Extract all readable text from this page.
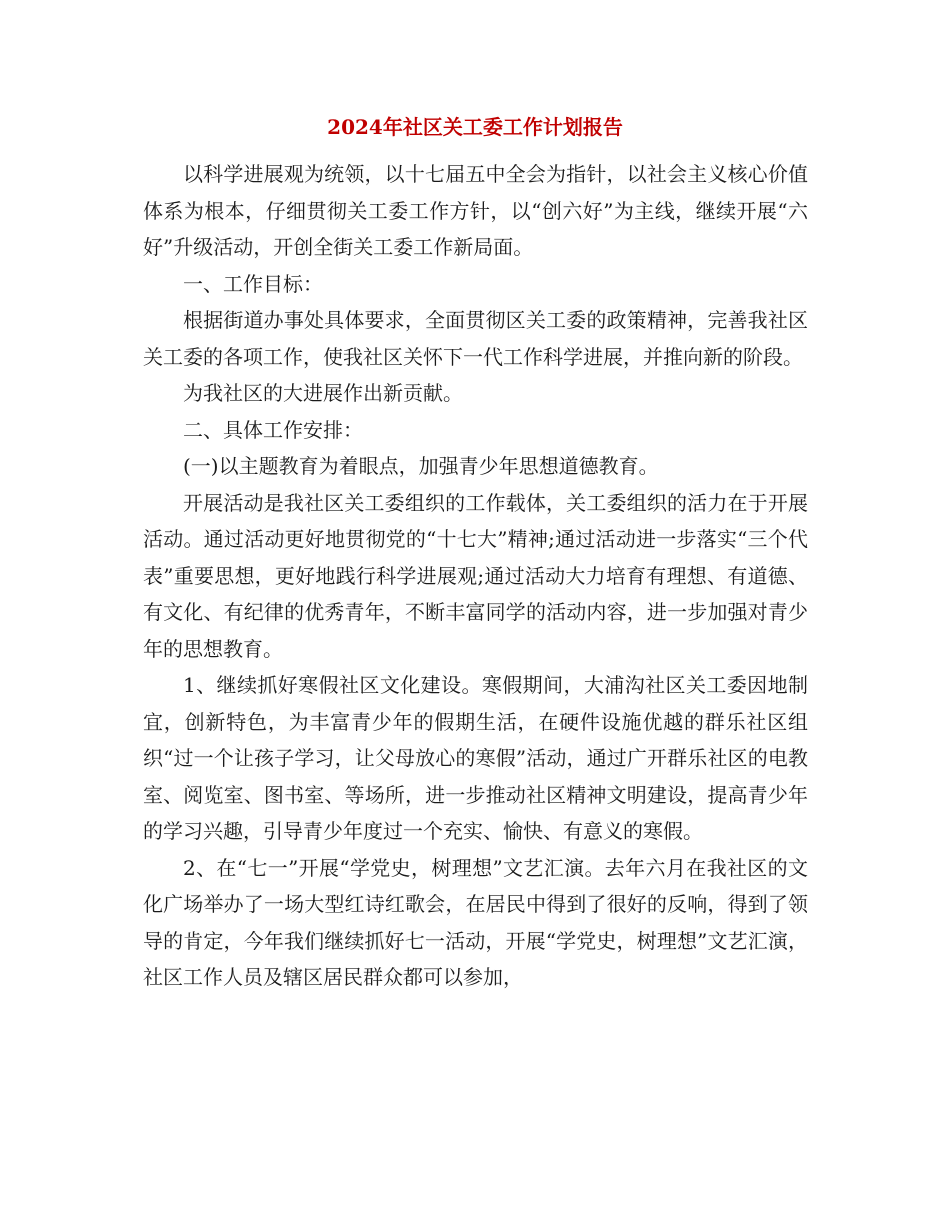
2024年社区关工委工作计划报告

以科学进展观为统领，以十七届五中全会为指针，以社会主义核心价值体系为根本，仔细贯彻关工委工作方针，以“创六好”为主线，继续开展“六好”升级活动，开创全街关工委工作新局面。

一、工作目标：

根据街道办事处具体要求，全面贯彻区关工委的政策精神，完善我社区关工委的各项工作，使我社区关怀下一代工作科学进展，并推向新的阶段。

为我社区的大进展作出新贡献。

二、具体工作安排：

(一)以主题教育为着眼点，加强青少年思想道德教育。

开展活动是我社区关工委组织的工作载体，关工委组织的活力在于开展活动。通过活动更好地贯彻党的“十七大”精神;通过活动进一步落实“三个代表”重要思想，更好地践行科学进展观;通过活动大力培育有理想、有道德、有文化、有纪律的优秀青年，不断丰富同学的活动内容，进一步加强对青少年的思想教育。

1、继续抓好寒假社区文化建设。寒假期间，大浦沟社区关工委因地制宜，创新特色，为丰富青少年的假期生活，在硬件设施优越的群乐社区组织“过一个让孩子学习，让父母放心的寒假”活动，通过广开群乐社区的电教室、阅览室、图书室、等场所，进一步推动社区精神文明建设，提高青少年的学习兴趣，引导青少年度过一个充实、愉快、有意义的寒假。

2、在“七一”开展“学党史，树理想”文艺汇演。去年六月在我社区的文化广场举办了一场大型红诗红歌会，在居民中得到了很好的反响，得到了领导的肯定，今年我们继续抓好七一活动，开展“学党史，树理想”文艺汇演，社区工作人员及辖区居民群众都可以参加，
